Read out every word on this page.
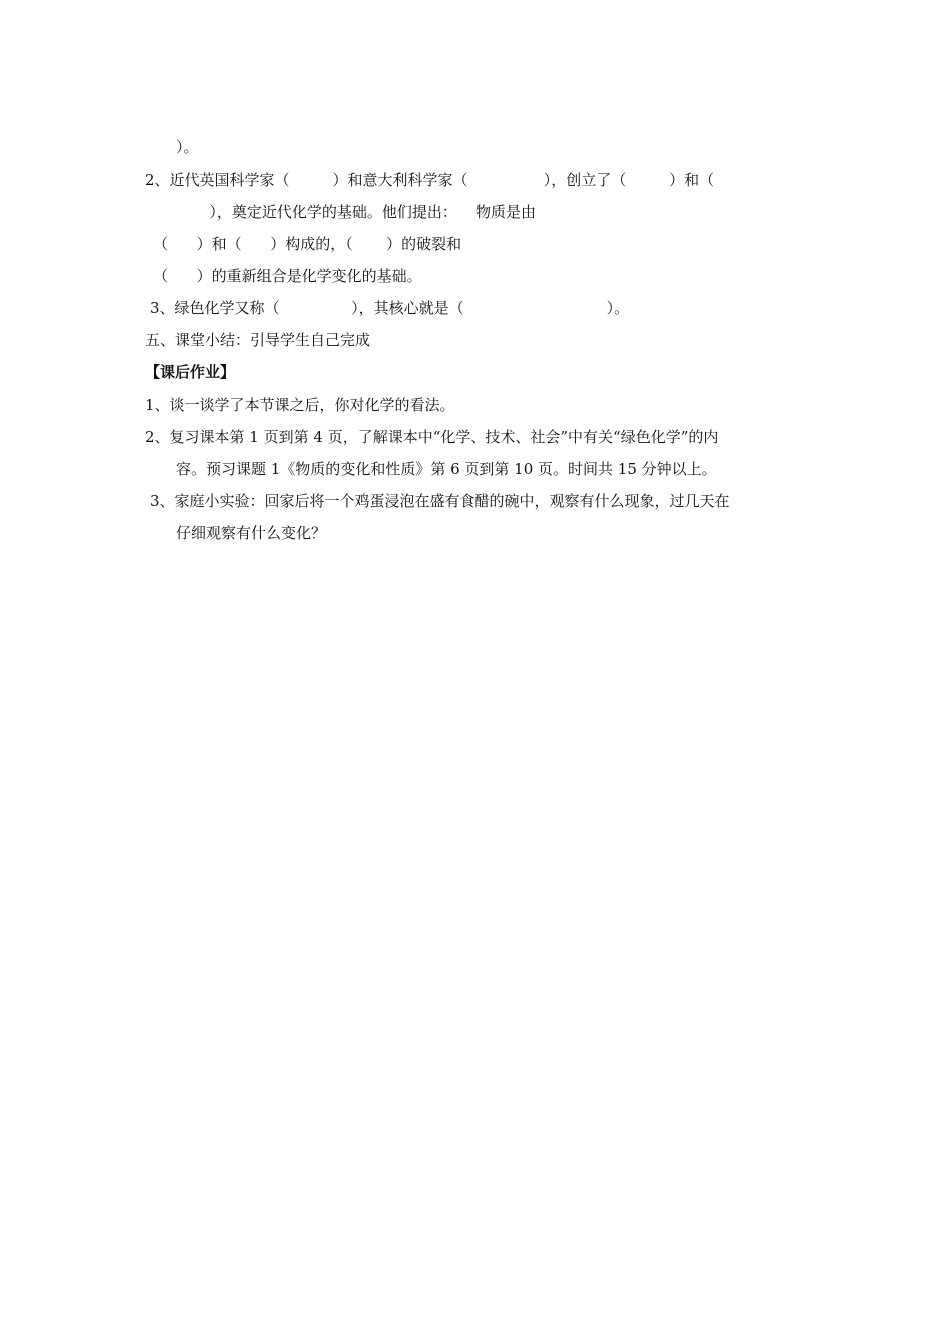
）。
2、近代英国科学家（         ）和意大利科学家（                ），创立了（         ）和（
），奠定近代化学的基础。他们提出：    物质是由
（      ）和（      ）构成的，（       ）的破裂和
（      ）的重新组合是化学变化的基础。
3、绿色化学又称（               ），其核心就是（                              ）。
五、课堂小结：引导学生自己完成
【课后作业】
1、谈一谈学了本节课之后，你对化学的看法。
2、复习课本第 1 页到第 4 页，了解课本中“化学、技术、社会”中有关“绿色化学”的内
容。预习课题 1《物质的变化和性质》第 6 页到第 10 页。时间共 15 分钟以上。
3、家庭小实验：回家后将一个鸡蛋浸泡在盛有食醋的碗中，观察有什么现象，过几天在
仔细观察有什么变化？
